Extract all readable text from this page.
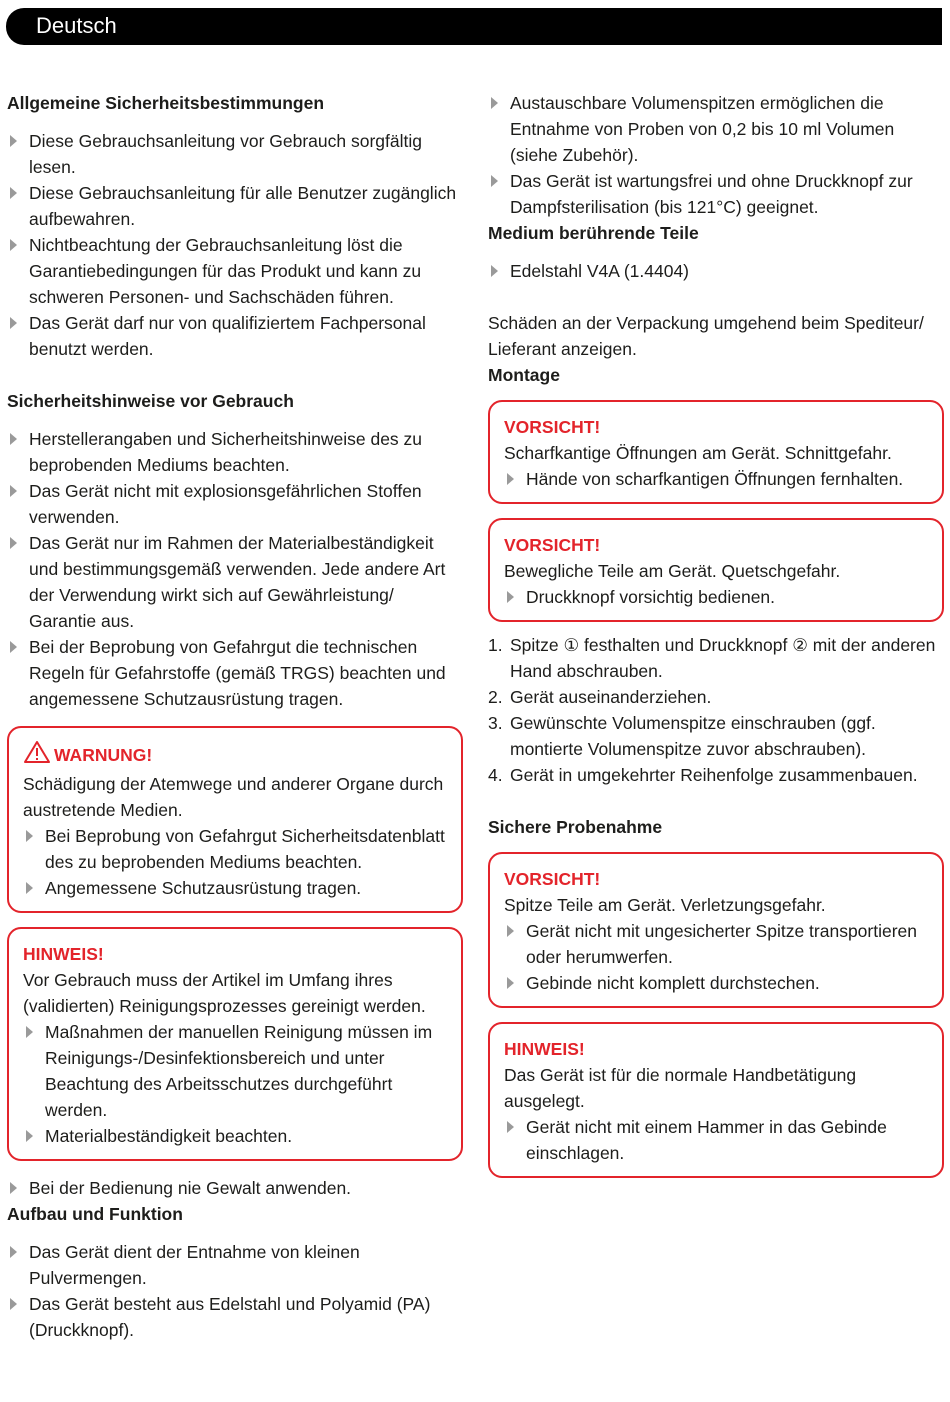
Deutsch
Allgemeine Sicherheitsbestimmungen
Diese Gebrauchsanleitung vor Gebrauch sorgfältig lesen.
Diese Gebrauchsanleitung für alle Benutzer zugänglich aufbewahren.
Nichtbeachtung der Gebrauchsanleitung löst die Garantiebedingungen für das Produkt und kann zu schweren Personen- und Sachschäden führen.
Das Gerät darf nur von qualifiziertem Fachpersonal benutzt werden.
Sicherheitshinweise vor Gebrauch
Herstellerangaben und Sicherheitshinweise des zu beprobenden Mediums beachten.
Das Gerät nicht mit explosionsgefährlichen Stoffen verwenden.
Das Gerät nur im Rahmen der Materialbeständigkeit und bestimmungsgemäß verwenden. Jede andere Art der Verwendung wirkt sich auf Gewährleistung/ Garantie aus.
Bei der Beprobung von Gefahrgut die technischen Regeln für Gefahrstoffe (gemäß TRGS) beachten und angemessene Schutzausrüstung tragen.
WARNUNG!

Schädigung der Atemwege und anderer Organe durch austretende Medien.

Bei Beprobung von Gefahrgut Sicherheitsdatenblatt des zu beprobenden Mediums beachten.
Angemessene Schutzausrüstung tragen.
HINWEIS!

Vor Gebrauch muss der Artikel im Umfang ihres (validierten) Reinigungsprozesses gereinigt werden.

Maßnahmen der manuellen Reinigung müssen im Reinigungs-/Desinfektionsbereich und unter Beachtung des Arbeitsschutzes durchgeführt werden.
Materialbeständigkeit beachten.
Bei der Bedienung nie Gewalt anwenden.
Aufbau und Funktion
Das Gerät dient der Entnahme von kleinen Pulvermengen.
Das Gerät besteht aus Edelstahl und Polyamid (PA) (Druckknopf).
Austauschbare Volumenspitzen ermöglichen die Entnahme von Proben von 0,2 bis 10 ml Volumen (siehe Zubehör).
Das Gerät ist wartungsfrei und ohne Druckknopf zur Dampfsterilisation (bis 121°C) geeignet.
Medium berührende Teile
Edelstahl V4A (1.4404)

Schäden an der Verpackung umgehend beim Spediteur/ Lieferant anzeigen.

Montage
VORSICHT!

Scharfkantige Öffnungen am Gerät. Schnittgefahr.

Hände von scharfkantigen Öffnungen fernhalten.
VORSICHT!

Bewegliche Teile am Gerät. Quetschgefahr.

Druckknopf vorsichtig bedienen.
1. Spitze ① festhalten und Druckknopf ② mit der anderen Hand abschrauben.
2. Gerät auseinanderziehen.
3. Gewünschte Volumenspitze einschrauben (ggf. montierte Volumenspitze zuvor abschrauben).
4. Gerät in umgekehrter Reihenfolge zusammenbauen.
Sichere Probenahme
VORSICHT!

Spitze Teile am Gerät. Verletzungsgefahr.

Gerät nicht mit ungesicherter Spitze transportieren oder herumwerfen.
Gebinde nicht komplett durchstechen.
HINWEIS!

Das Gerät ist für die normale Handbetätigung ausgelegt.

Gerät nicht mit einem Hammer in das Gebinde einschlagen.
